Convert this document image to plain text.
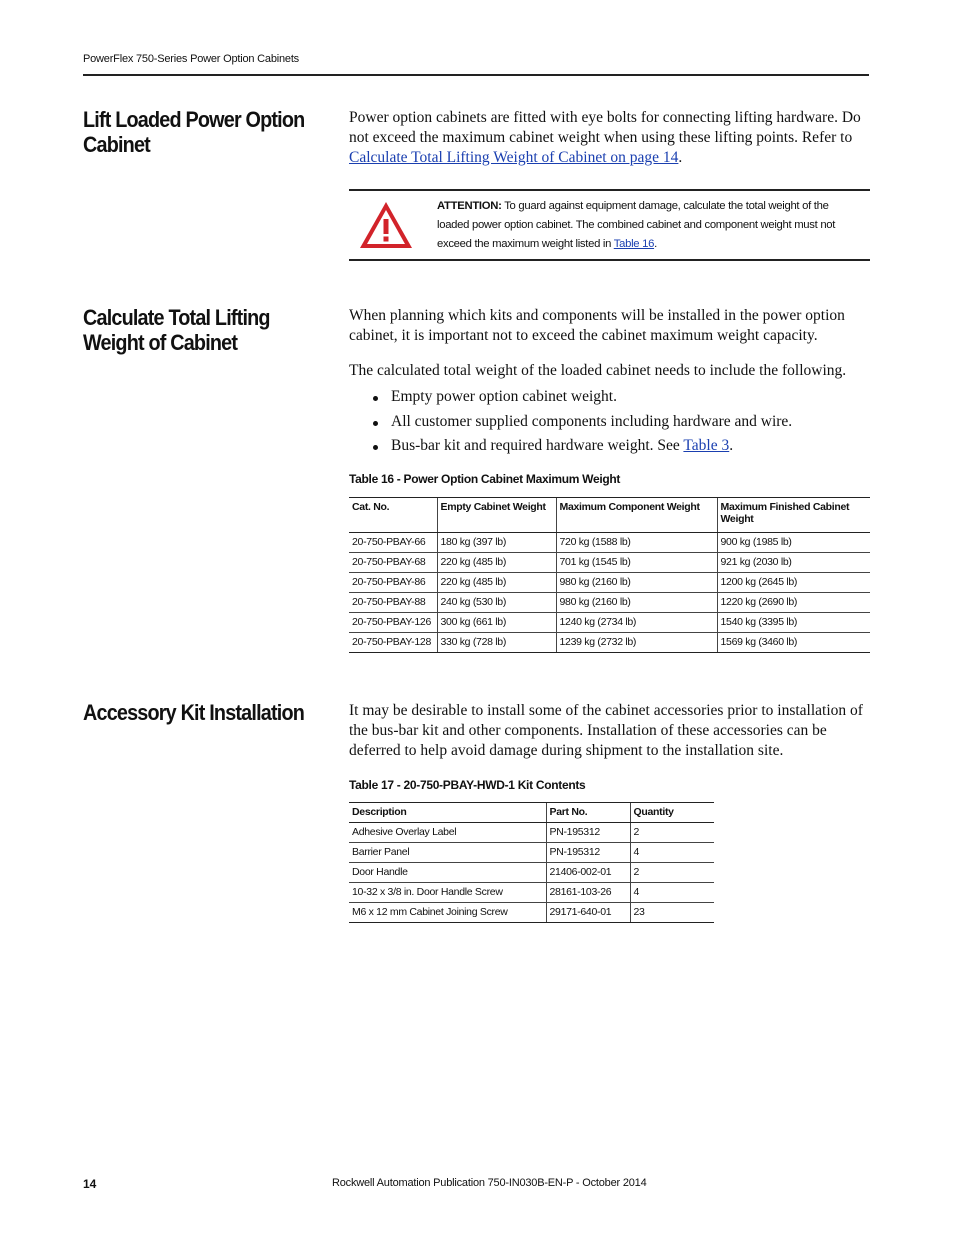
PowerFlex 750-Series Power Option Cabinets
Lift Loaded Power Option Cabinet

Power option cabinets are fitted with eye bolts for connecting lifting hardware. Do not exceed the maximum cabinet weight when using these lifting points. Refer to Calculate Total Lifting Weight of Cabinet on page 14.

ATTENTION: To guard against equipment damage, calculate the total weight of the loaded power option cabinet. The combined cabinet and component weight must not exceed the maximum weight listed in Table 16.
Calculate Total Lifting Weight of Cabinet

When planning which kits and components will be installed in the power option cabinet, it is important not to exceed the cabinet maximum weight capacity.

The calculated total weight of the loaded cabinet needs to include the following.

Empty power option cabinet weight.
All customer supplied components including hardware and wire.
Bus-bar kit and required hardware weight. See Table 3.
Table 16 - Power Option Cabinet Maximum Weight
Cat. No.	Empty Cabinet Weight	Maximum Component Weight	Maximum Finished Cabinet Weight
20-750-PBAY-66	180 kg (397 lb)	720 kg (1588 lb)	900 kg (1985 lb)
20-750-PBAY-68	220 kg (485 lb)	701 kg (1545 lb)	921 kg (2030 lb)
20-750-PBAY-86	220 kg (485 lb)	980 kg (2160 lb)	1200 kg (2645 lb)
20-750-PBAY-88	240 kg (530 lb)	980 kg (2160 lb)	1220 kg (2690 lb)
20-750-PBAY-126	300 kg (661 lb)	1240 kg (2734 lb)	1540 kg (3395 lb)
20-750-PBAY-128	330 kg (728 lb)	1239 kg (2732 lb)	1569 kg (3460 lb)
Accessory Kit Installation	It may be desirable to install some of the cabinet accessories prior to installation of the bus-bar kit and other components. Installation of these accessories can be deferred to help avoid damage during shipment to the installation site.

Table 17 - 20-750-PBAY-HWD-1 Kit Contents
Description	Part No.	Quantity
Adhesive Overlay Label	PN-195312	2
Barrier Panel	PN-195312	4
Door Handle	21406-002-01	2
10-32 x 3/8 in. Door Handle Screw	28161-103-26	4
M6 x 12 mm Cabinet Joining Screw	29171-640-01	23
14	Rockwell Automation Publication 750-IN030B-EN-P - October 2014
